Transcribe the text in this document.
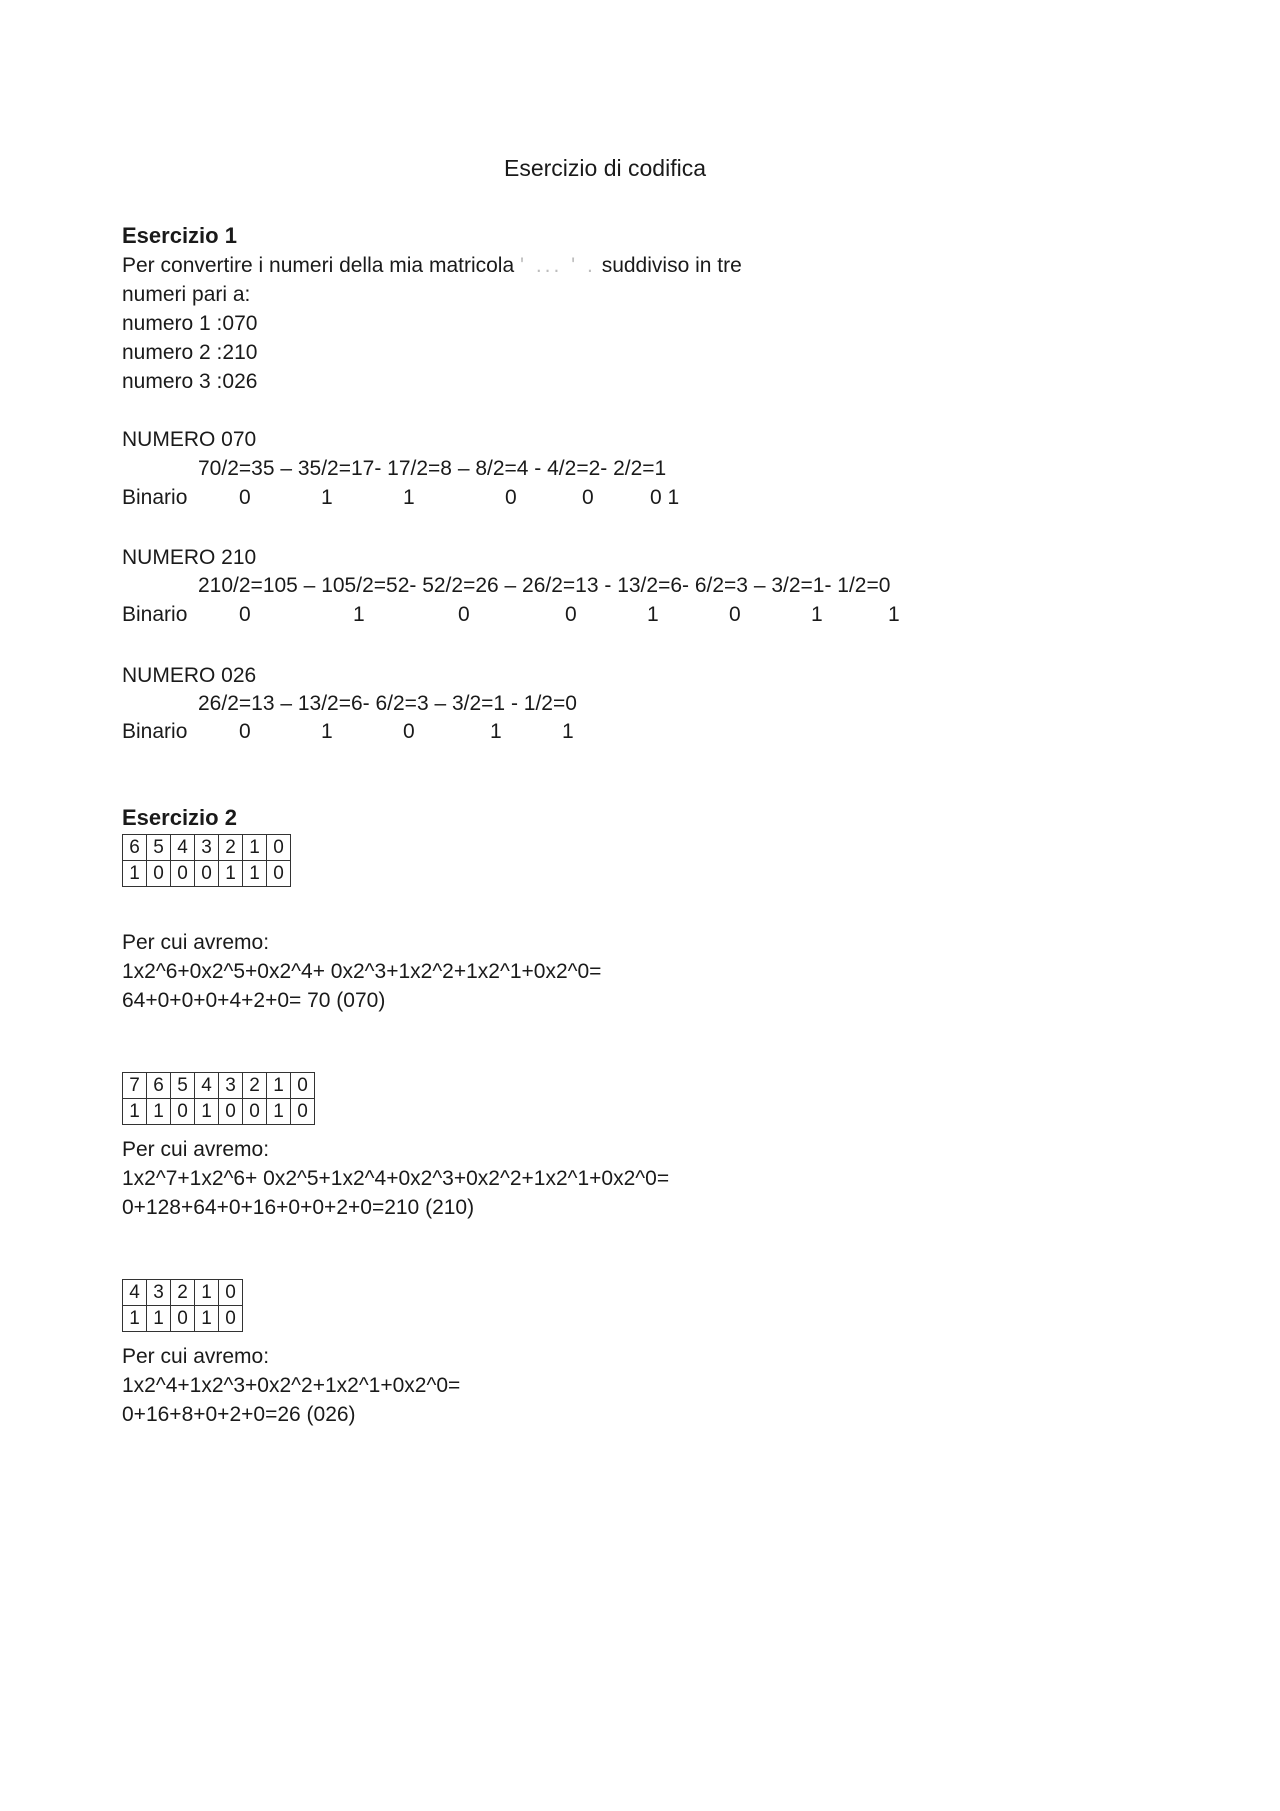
Esercizio di codifica
Esercizio 1
Per convertire i numeri della mia matricola ' ... ' . suddiviso in tre
numeri pari a:
numero 1 :070
numero 2 :210
numero 3 :026
NUMERO 070
70/2=35 – 35/2=17- 17/2=8 – 8/2=4 - 4/2=2- 2/2=1
Binario 0	1	1	0	0	0 1
NUMERO 210
210/2=105 – 105/2=52- 52/2=26 – 26/2=13 - 13/2=6- 6/2=3 – 3/2=1- 1/2=0
Binario 0	1	0	0	1	0	1	1
NUMERO 026
26/2=13 – 13/2=6- 6/2=3 – 3/2=1 - 1/2=0
Binario 0	1	0	1	1
Esercizio 2
6	5	4	3	2	1	0
1	0	0	0	1	1	0
Per cui avremo:
1x2^6+0x2^5+0x2^4+ 0x2^3+1x2^2+1x2^1+0x2^0=
64+0+0+0+4+2+0= 70 (070)
7	6	5	4	3	2	1	0
1	1	0	1	0	0	1	0
Per cui avremo:
1x2^7+1x2^6+ 0x2^5+1x2^4+0x2^3+0x2^2+1x2^1+0x2^0=
0+128+64+0+16+0+0+2+0=210 (210)
4	3	2	1	0
1	1	0	1	0
Per cui avremo:
1x2^4+1x2^3+0x2^2+1x2^1+0x2^0=
0+16+8+0+2+0=26 (026)
